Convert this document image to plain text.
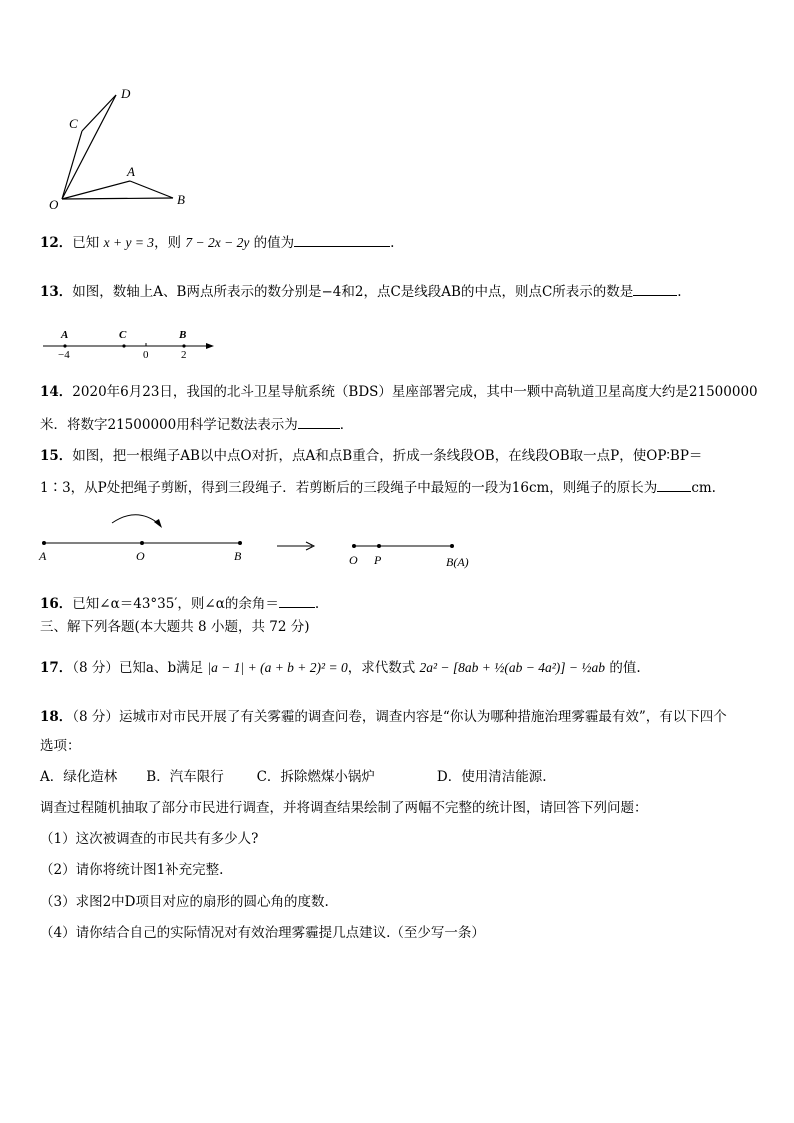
D
C
A
O	B
12．已知 x + y = 3，则 7 − 2x − 2y 的值为	.
13．如图，数轴上A、B两点所表示的数分别是−4和2，点C是线段AB的中点，则点C所表示的数是	.
A	C	B
−4	0	2
14．2020年6月23日，我国的北斗卫星导航系统（BDS）星座部署完成，其中一颗中高轨道卫星高度大约是21500000
米．将数字21500000用科学记数法表示为	．
15．如图，把一根绳子AB以中点O对折，点A和点B重合，折成一条线段OB，在线段OB取一点P，使OP∶BP＝
1∶3，从P处把绳子剪断，得到三段绳子．若剪断后的三段绳子中最短的一段为16cm，则绳子的原长为	cm.
A	O	B	O P	B(A)
16．已知∠α＝43°35′，则∠α的余角＝	.
三、解下列各题(本大题共 8 小题，共 72 分)
17．（8 分）已知a、b满足 |a − 1| + (a + b + 2)² = 0，求代数式 2a² − [8ab + ½(ab − 4a²)] − ½ab 的值.
18．（8 分）运城市对市民开展了有关雾霾的调查问卷，调查内容是“你认为哪种措施治理雾霾最有效”，有以下四个
选项：
A．绿化造林 B．汽车限行 C．拆除燃煤小锅炉	D．使用清洁能源.
调查过程随机抽取了部分市民进行调查，并将调查结果绘制了两幅不完整的统计图，请回答下列问题：
（1）这次被调查的市民共有多少人?
（2）请你将统计图1补充完整.
（3）求图2中D项目对应的扇形的圆心角的度数.
（4）请你结合自己的实际情况对有效治理雾霾提几点建议.（至少写一条）
